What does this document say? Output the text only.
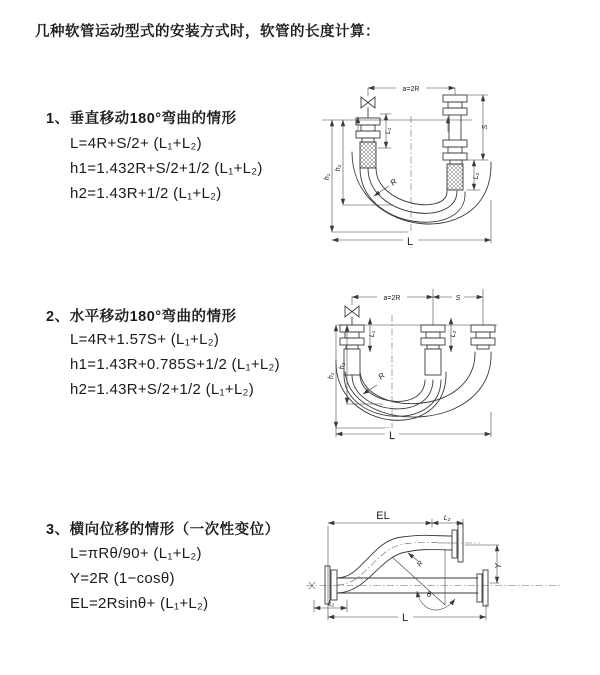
几种软管运动型式的安装方式时，软管的长度计算：
1、垂直移动180°弯曲的情形
L=4R+S/2+ (L₁+L₂)
h1=1.432R+S/2+1/2 (L₁+L₂)
h2=1.43R+1/2 (L₁+L₂)
2、水平移动180°弯曲的情形
L=4R+1.57S+ (L₁+L₂)
h1=1.43R+0.785S+1/2 (L₁+L₂)
h2=1.43R+S/2+1/2 (L₁+L₂)
3、横向位移的情形（一次性变位）
L=πRθ/90+ (L₁+L₂)
Y=2R (1−cosθ)
EL=2Rsinθ+ (L₁+L₂)
a=2R
L₁
S
L₂
h₁
h₂
R
L
a=2R	S
L₁	L₂
h₁
h₂
R
L
EL	L₂
Y
R
θ
L₁
L
